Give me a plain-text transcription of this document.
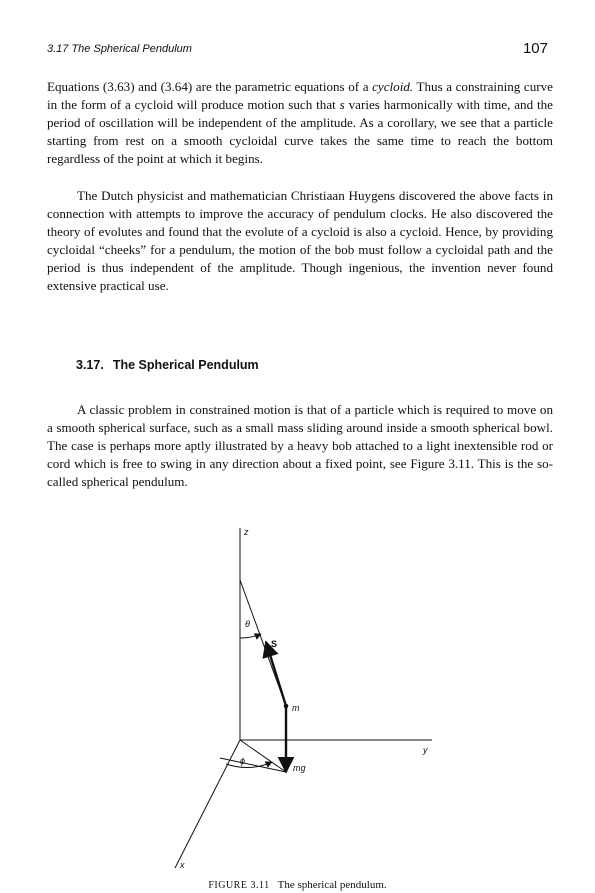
3.17 The Spherical Pendulum	107

Equations (3.63) and (3.64) are the parametric equations of a cycloid. Thus a constraining curve in the form of a cycloid will produce motion such that s varies harmonically with time, and the period of oscillation will be independent of the amplitude. As a corollary, we see that a particle starting from rest on a smooth cycloidal curve takes the same time to reach the bottom regardless of the point at which it begins.

The Dutch physicist and mathematician Christiaan Huygens discovered the above facts in connection with attempts to improve the accuracy of pendulum clocks. He also discovered the theory of evolutes and found that the evolute of a cycloid is also a cycloid. Hence, by providing cycloidal “cheeks” for a pendulum, the motion of the bob must follow a cycloidal path and the period is thus independent of the amplitude. Though ingenious, the invention never found extensive practical use.

3.17. The Spherical Pendulum

A classic problem in constrained motion is that of a particle which is required to move on a smooth spherical surface, such as a small mass sliding around inside a smooth spherical bowl. The case is perhaps more aptly illustrated by a heavy bob attached to a light inextensible rod or cord which is free to swing in any direction about a fixed point, see Figure 3.11. This is the so-called spherical pendulum.

z
θ
S
m
y
ϕ
mg
x
FIGURE 3.11 The spherical pendulum.
